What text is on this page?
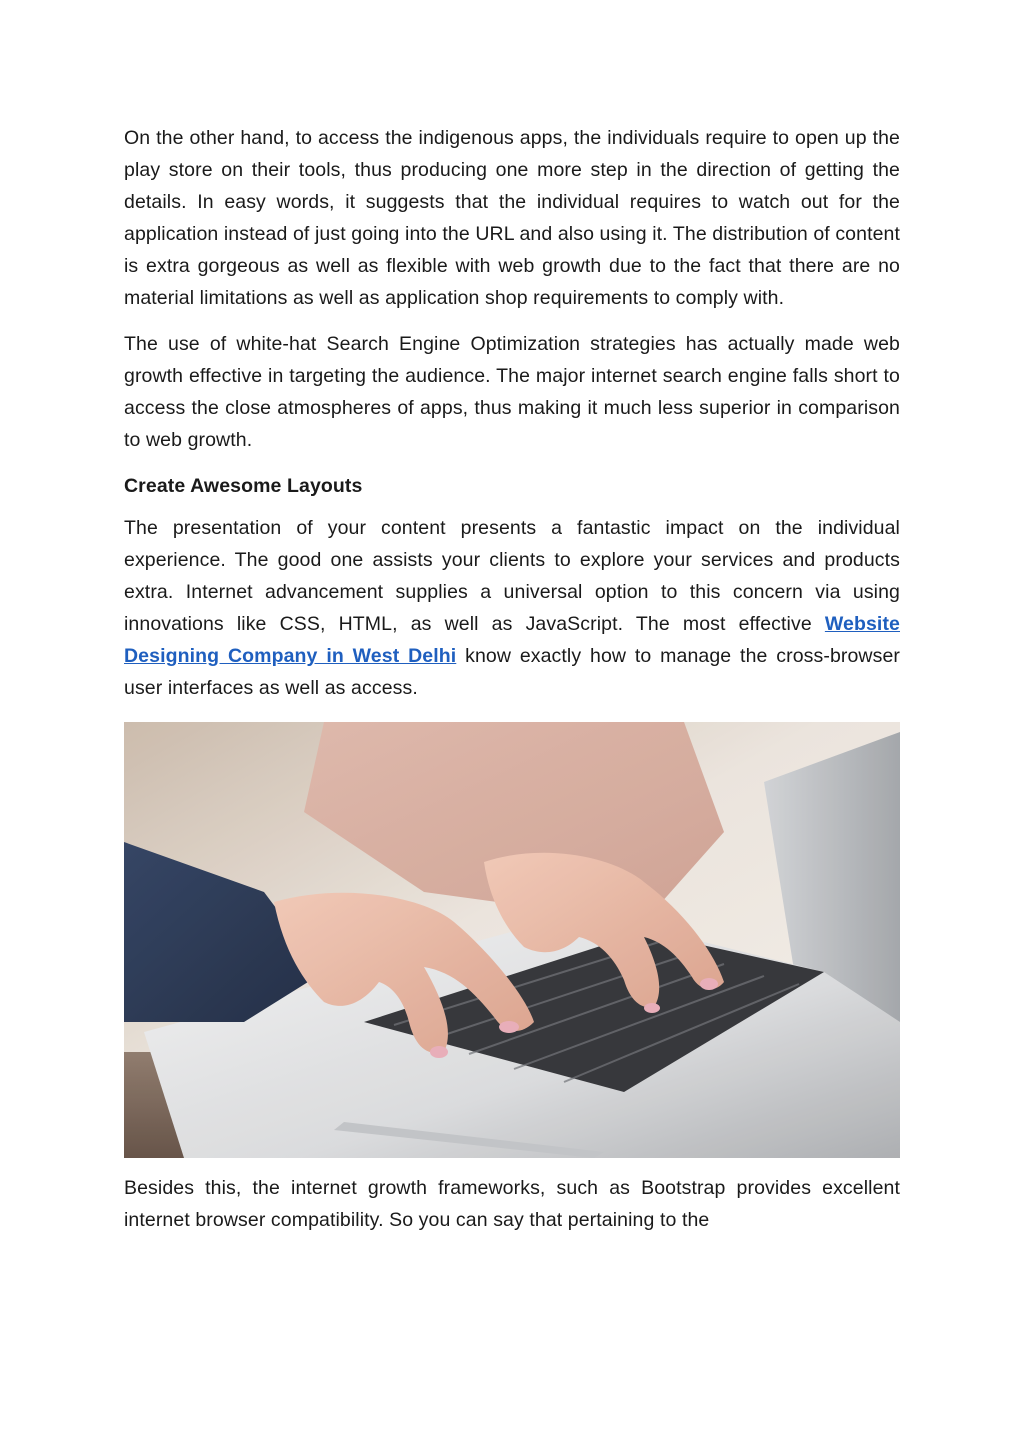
On the other hand, to access the indigenous apps, the individuals require to open up the play store on their tools, thus producing one more step in the direction of getting the details. In easy words, it suggests that the individual requires to watch out for the application instead of just going into the URL and also using it. The distribution of content is extra gorgeous as well as flexible with web growth due to the fact that there are no material limitations as well as application shop requirements to comply with.

The use of white-hat Search Engine Optimization strategies has actually made web growth effective in targeting the audience. The major internet search engine falls short to access the close atmospheres of apps, thus making it much less superior in comparison to web growth.

Create Awesome Layouts

The presentation of your content presents a fantastic impact on the individual experience. The good one assists your clients to explore your services and products extra. Internet advancement supplies a universal option to this concern via using innovations like CSS, HTML, as well as JavaScript. The most effective Website Designing Company in West Delhi know exactly how to manage the cross-browser user interfaces as well as access.

Besides this, the internet growth frameworks, such as Bootstrap provides excellent internet browser compatibility. So you can say that pertaining to the
